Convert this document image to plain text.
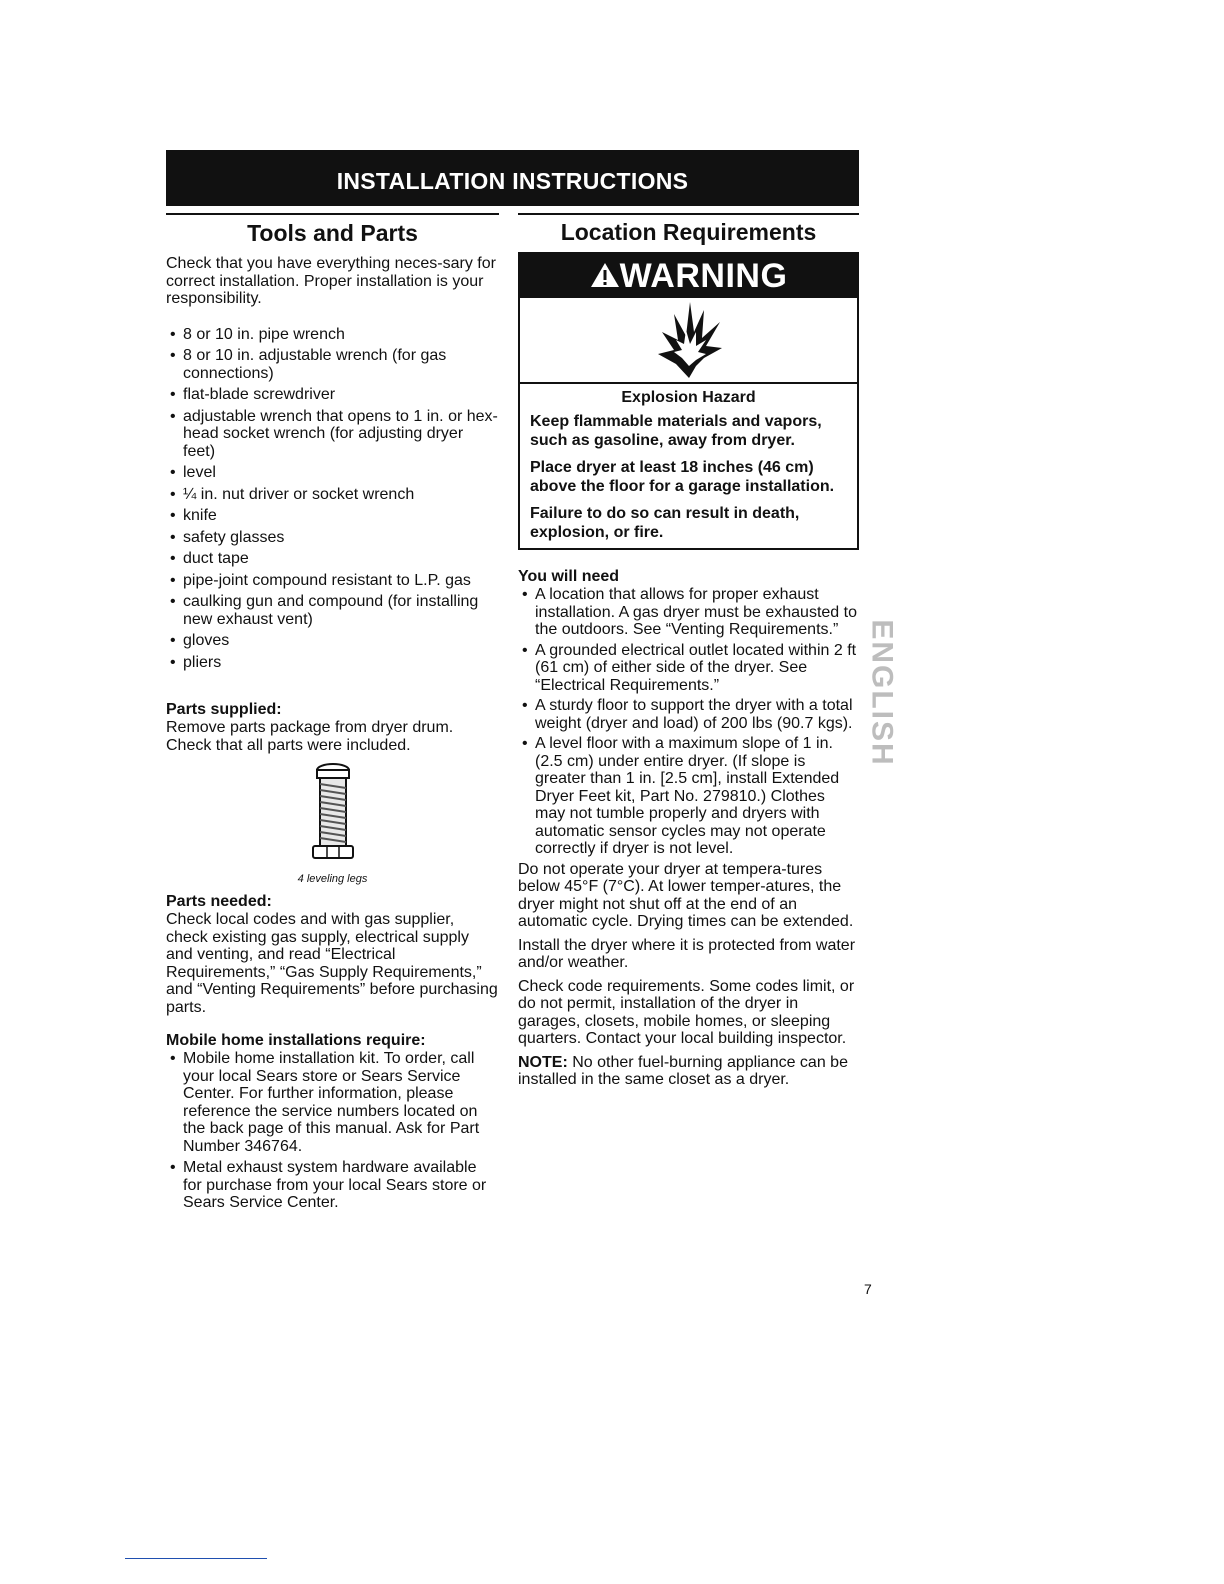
INSTALLATION INSTRUCTIONS
Tools and Parts

Check that you have everything neces-sary for correct installation. Proper installation is your responsibility.

• 8 or 10 in. pipe wrench
• 8 or 10 in. adjustable wrench (for gas connections)
• flat-blade screwdriver
• adjustable wrench that opens to 1 in. or hex-head socket wrench (for adjusting dryer feet)
• level
• ¼ in. nut driver or socket wrench
• knife
• safety glasses
• duct tape
• pipe-joint compound resistant to L.P. gas
• caulking gun and compound (for installing new exhaust vent)
• gloves
• pliers
Parts supplied:

Remove parts package from dryer drum. Check that all parts were included.

4 leveling legs
Parts needed:

Check local codes and with gas supplier, check existing gas supply, electrical supply and venting, and read “Electrical Requirements,” “Gas Supply Requirements,” and “Venting Requirements” before purchasing parts.

Mobile home installations require:
• Mobile home installation kit. To order, call your local Sears store or Sears Service Center. For further information, please reference the service numbers located on the back page of this manual. Ask for Part Number 346764.
• Metal exhaust system hardware available for purchase from your local Sears store or Sears Service Center.
Location Requirements
WARNING
Explosion Hazard
Keep flammable materials and vapors, such as gasoline, away from dryer.
Place dryer at least 18 inches (46 cm) above the floor for a garage installation.
Failure to do so can result in death, explosion, or fire.
You will need
• A location that allows for proper exhaust installation. A gas dryer must be exhausted to the outdoors. See “Venting Requirements.”
• A grounded electrical outlet located within 2 ft (61 cm) of either side of the dryer. See “Electrical Requirements.”
• A sturdy floor to support the dryer with a total weight (dryer and load) of 200 lbs (90.7 kgs).
• A level floor with a maximum slope of 1 in. (2.5 cm) under entire dryer. (If slope is greater than 1 in. [2.5 cm], install Extended Dryer Feet kit, Part No. 279810.) Clothes may not tumble properly and dryers with automatic sensor cycles may not operate correctly if dryer is not level.

Do not operate your dryer at tempera-tures below 45°F (7°C). At lower temper-atures, the dryer might not shut off at the end of an automatic cycle. Drying times can be extended.

Install the dryer where it is protected from water and/or weather.

Check code requirements. Some codes limit, or do not permit, installation of the dryer in garages, closets, mobile homes, or sleeping quarters. Contact your local building inspector.

NOTE: No other fuel-burning appliance can be installed in the same closet as a dryer.

ENGLISH
7
